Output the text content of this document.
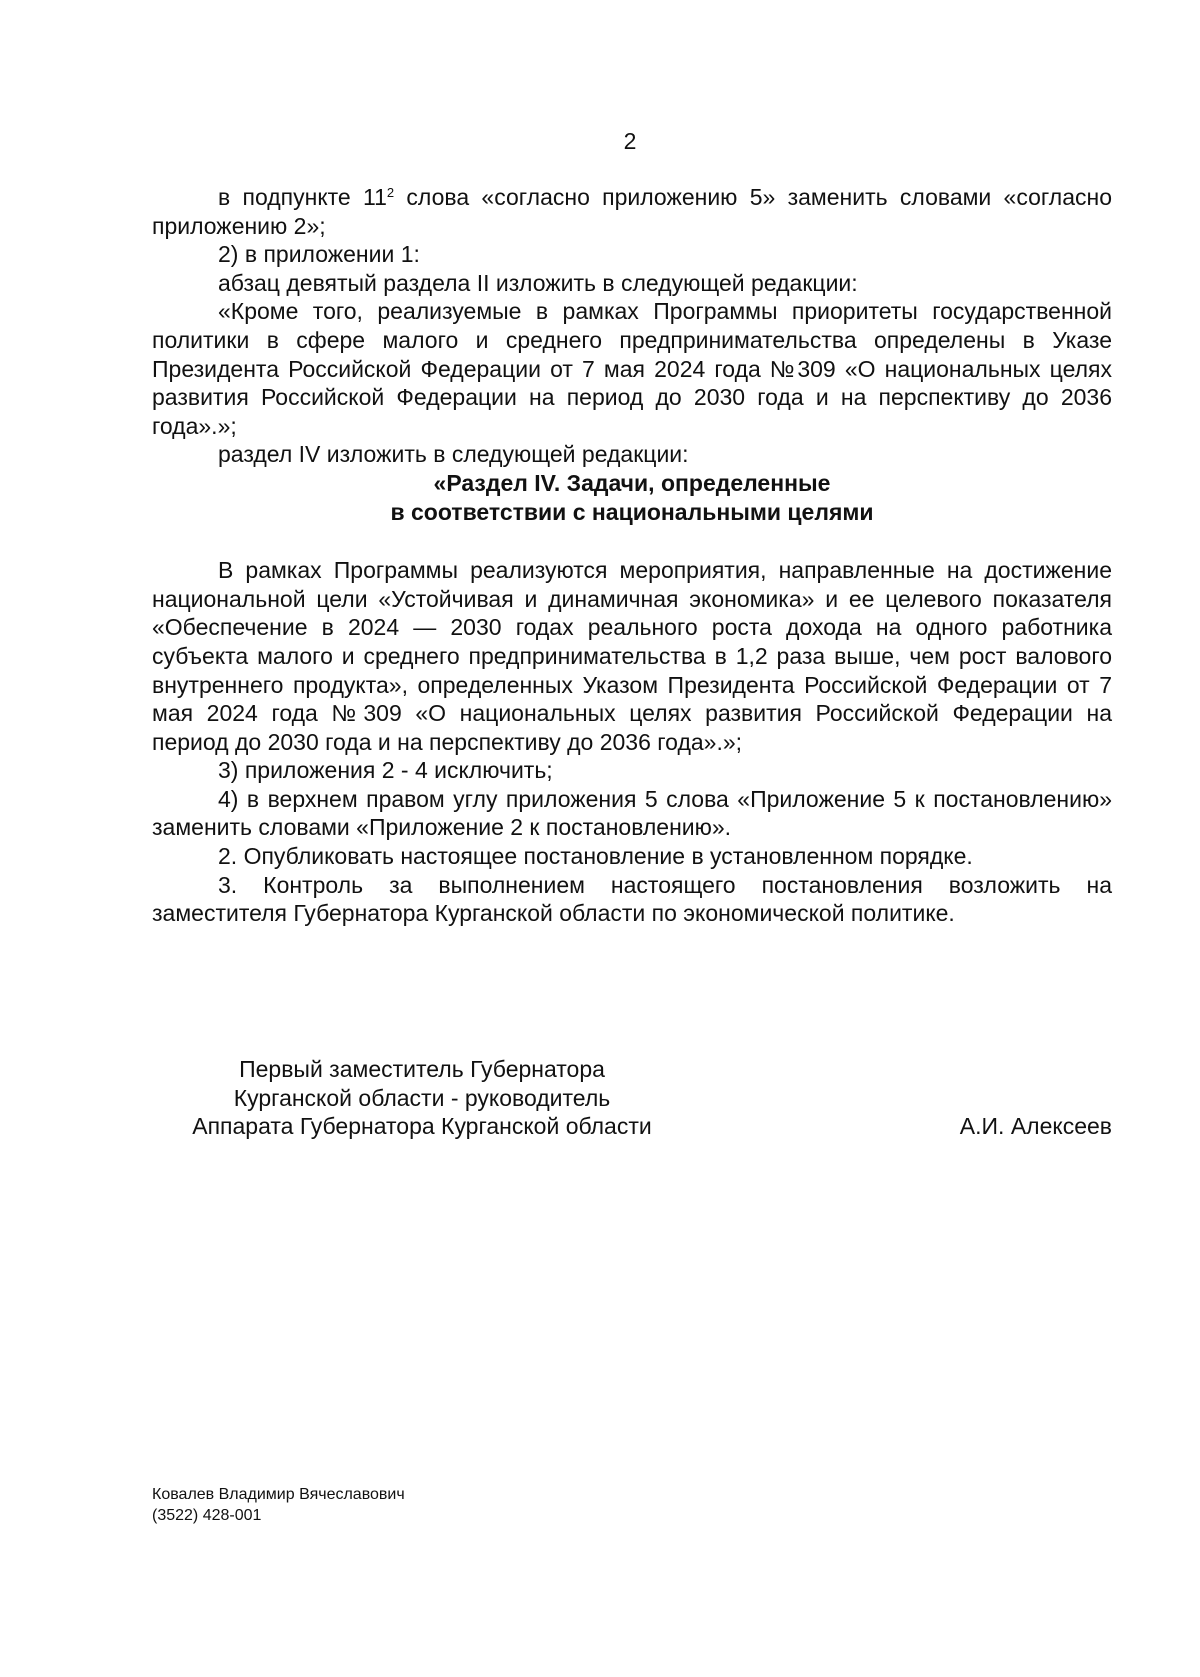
2

в подпункте $11^2$ слова «согласно приложению 5» заменить словами «согласно приложению 2»;

2) в приложении 1:

абзац девятый раздела II изложить в следующей редакции:

«Кроме того, реализуемые в рамках Программы приоритеты государственной политики в сфере малого и среднего предпринимательства определены в Указе Президента Российской Федерации от 7 мая 2024 года №309 «О национальных целях развития Российской Федерации на период до 2030 года и на перспективу до 2036 года».»;

раздел IV изложить в следующей редакции:

«Раздел IV. Задачи, определенные
в соответствии с национальными целями

В рамках Программы реализуются мероприятия, направленные на достижение национальной цели «Устойчивая и динамичная экономика» и ее целевого показателя «Обеспечение в 2024 — 2030 годах реального роста дохода на одного работника субъекта малого и среднего предпринимательства в 1,2 раза выше, чем рост валового внутреннего продукта», определенных Указом Президента Российской Федерации от 7 мая 2024 года №309 «О национальных целях развития Российской Федерации на период до 2030 года и на перспективу до 2036 года».»;

3) приложения 2 - 4 исключить;

4) в верхнем правом углу приложения 5 слова «Приложение 5 к постановлению» заменить словами «Приложение 2 к постановлению».

2. Опубликовать настоящее постановление в установленном порядке.

3. Контроль за выполнением настоящего постановления возложить на заместителя Губернатора Курганской области по экономической политике.

Первый заместитель Губернатора
Курганской области - руководитель
Аппарата Губернатора Курганской области	А.И. Алексеев
Ковалев Владимир Вячеславович
(3522) 428-001
